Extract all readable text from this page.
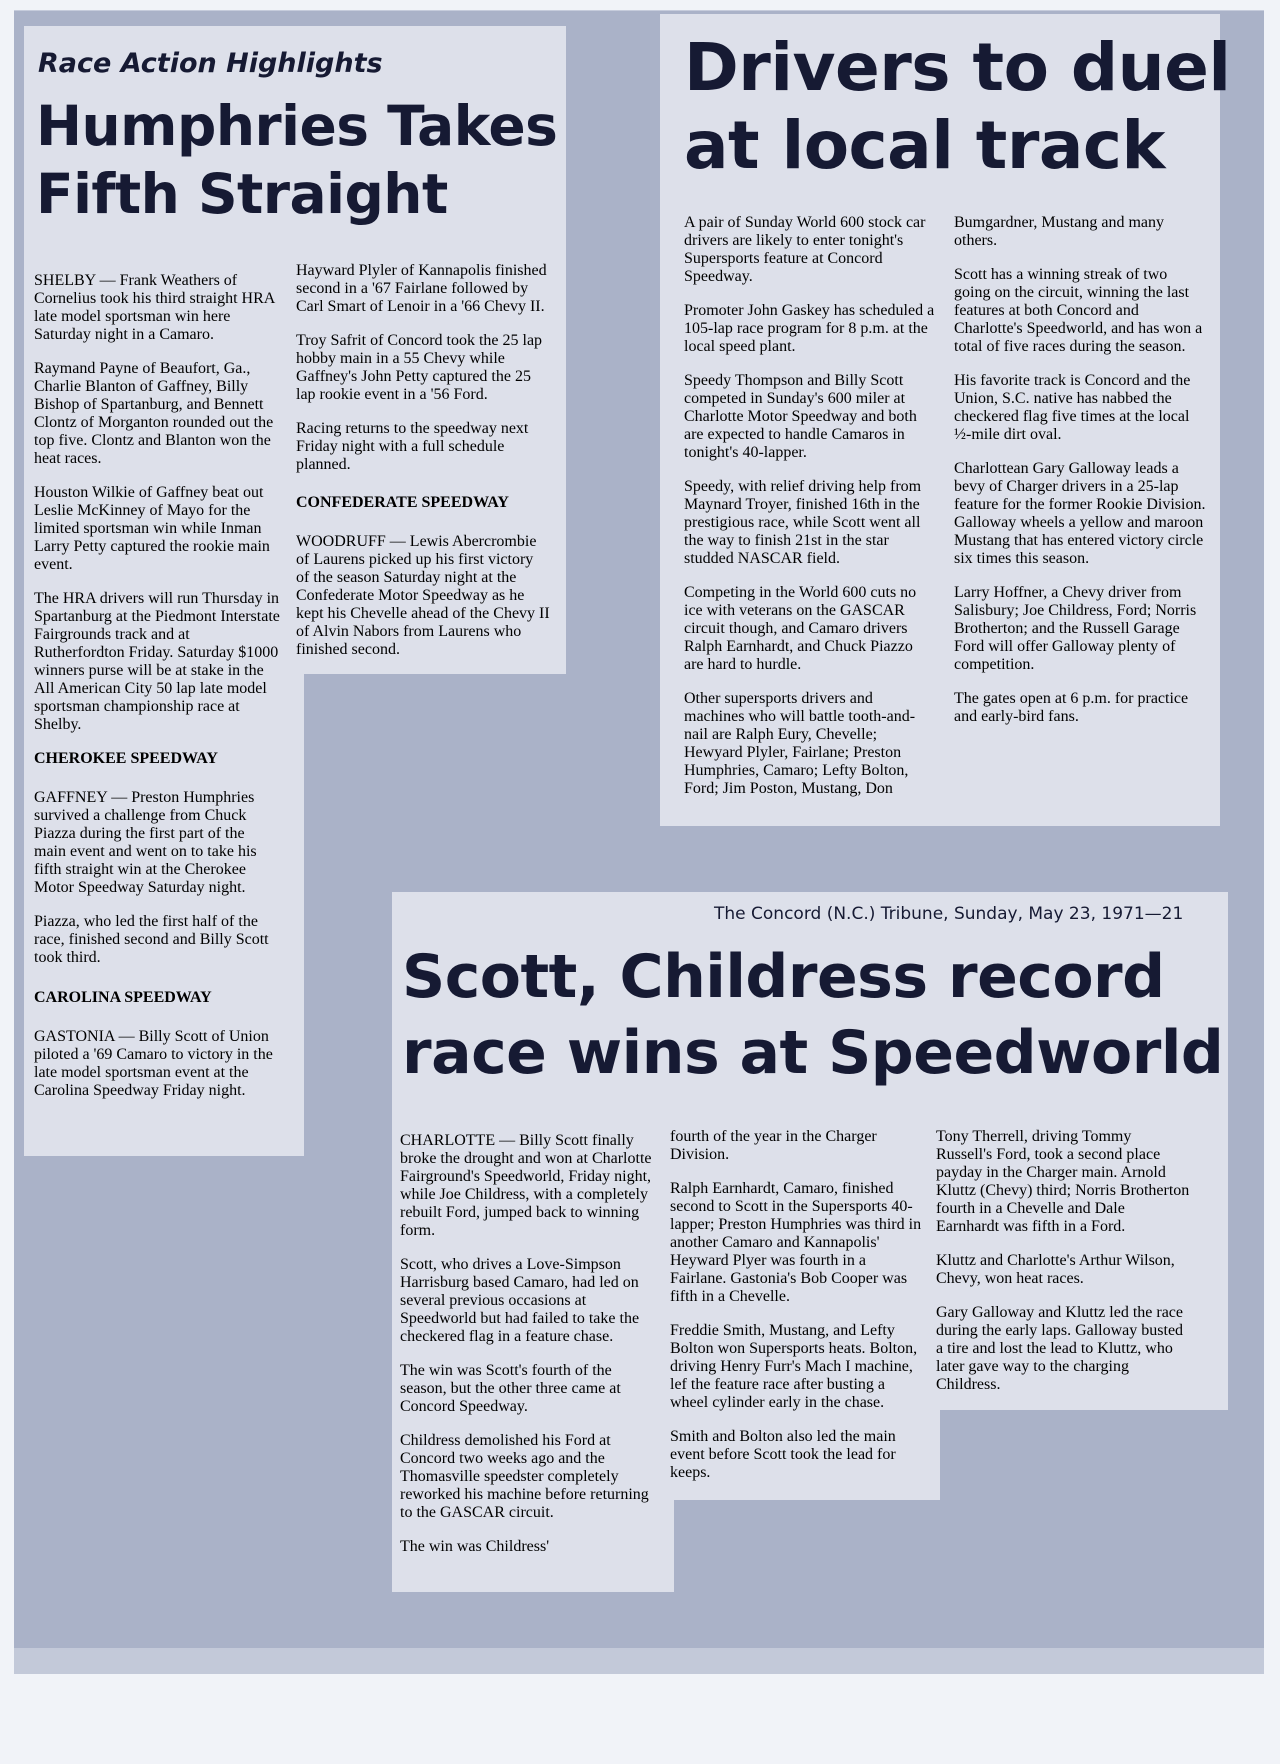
Race Action Highlights
Humphries Takes
Fifth Straight

SHELBY — Frank Weathers of Cornelius took his third straight HRA late model sportsman win here Saturday night in a Camaro.

Raymand Payne of Beaufort, Ga., Charlie Blanton of Gaffney, Billy Bishop of Spartanburg, and Bennett Clontz of Morganton rounded out the top five. Clontz and Blanton won the heat races.

Houston Wilkie of Gaffney beat out Leslie McKinney of Mayo for the limited sportsman win while Inman Larry Petty captured the rookie main event.

The HRA drivers will run Thursday in Spartanburg at the Piedmont Interstate Fairgrounds track and at Rutherfordton Friday. Saturday $1000 winners purse will be at stake in the All American City 50 lap late model sportsman championship race at Shelby.

CHEROKEE SPEEDWAY

GAFFNEY — Preston Humphries survived a challenge from Chuck Piazza during the first part of the main event and went on to take his fifth straight win at the Cherokee Motor Speedway Saturday night.

Piazza, who led the first half of the race, finished second and Billy Scott took third.

CAROLINA SPEEDWAY

GASTONIA — Billy Scott of Union piloted a '69 Camaro to victory in the late model sportsman event at the Carolina Speedway Friday night.

Hayward Plyler of Kannapolis finished second in a '67 Fairlane followed by Carl Smart of Lenoir in a '66 Chevy II.

Troy Safrit of Concord took the 25 lap hobby main in a 55 Chevy while Gaffney's John Petty captured the 25 lap rookie event in a '56 Ford.

Racing returns to the speedway next Friday night with a full schedule planned.

CONFEDERATE SPEEDWAY

WOODRUFF — Lewis Abercrombie of Laurens picked up his first victory of the season Saturday night at the Confederate Motor Speedway as he kept his Chevelle ahead of the Chevy II of Alvin Nabors from Laurens who finished second.

Drivers to duel
at local track

A pair of Sunday World 600 stock car drivers are likely to enter tonight's Supersports feature at Concord Speedway.

Promoter John Gaskey has scheduled a 105-lap race program for 8 p.m. at the local speed plant.

Speedy Thompson and Billy Scott competed in Sunday's 600 miler at Charlotte Motor Speedway and both are expected to handle Camaros in tonight's 40-lapper.

Speedy, with relief driving help from Maynard Troyer, finished 16th in the prestigious race, while Scott went all the way to finish 21st in the star studded NASCAR field.

Competing in the World 600 cuts no ice with veterans on the GASCAR circuit though, and Camaro drivers Ralph Earnhardt, and Chuck Piazzo are hard to hurdle.

Other supersports drivers and machines who will battle tooth-and-nail are Ralph Eury, Chevelle; Hewyard Plyler, Fairlane; Preston Humphries, Camaro; Lefty Bolton, Ford; Jim Poston, Mustang, Don

Bumgardner, Mustang and many others.

Scott has a winning streak of two going on the circuit, winning the last features at both Concord and Charlotte's Speedworld, and has won a total of five races during the season.

His favorite track is Concord and the Union, S.C. native has nabbed the checkered flag five times at the local ½-mile dirt oval.

Charlottean Gary Galloway leads a bevy of Charger drivers in a 25-lap feature for the former Rookie Division. Galloway wheels a yellow and maroon Mustang that has entered victory circle six times this season.

Larry Hoffner, a Chevy driver from Salisbury; Joe Childress, Ford; Norris Brotherton; and the Russell Garage Ford will offer Galloway plenty of competition.

The gates open at 6 p.m. for practice and early-bird fans.

The Concord (N.C.) Tribune, Sunday, May 23, 1971—21
Scott, Childress record
race wins at Speedworld

CHARLOTTE — Billy Scott finally broke the drought and won at Charlotte Fairground's Speedworld, Friday night, while Joe Childress, with a completely rebuilt Ford, jumped back to winning form.

Scott, who drives a Love-Simpson Harrisburg based Camaro, had led on several previous occasions at Speedworld but had failed to take the checkered flag in a feature chase.

The win was Scott's fourth of the season, but the other three came at Concord Speedway.

Childress demolished his Ford at Concord two weeks ago and the Thomasville speedster completely reworked his machine before returning to the GASCAR circuit.

The win was Childress'

fourth of the year in the Charger Division.

Ralph Earnhardt, Camaro, finished second to Scott in the Supersports 40-lapper; Preston Humphries was third in another Camaro and Kannapolis' Heyward Plyer was fourth in a Fairlane. Gastonia's Bob Cooper was fifth in a Chevelle.

Freddie Smith, Mustang, and Lefty Bolton won Supersports heats. Bolton, driving Henry Furr's Mach I machine, lef the feature race after busting a wheel cylinder early in the chase.

Smith and Bolton also led the main event before Scott took the lead for keeps.

Tony Therrell, driving Tommy Russell's Ford, took a second place payday in the Charger main. Arnold Kluttz (Chevy) third; Norris Brotherton fourth in a Chevelle and Dale Earnhardt was fifth in a Ford.

Kluttz and Charlotte's Arthur Wilson, Chevy, won heat races.

Gary Galloway and Kluttz led the race during the early laps. Galloway busted a tire and lost the lead to Kluttz, who later gave way to the charging Childress.
